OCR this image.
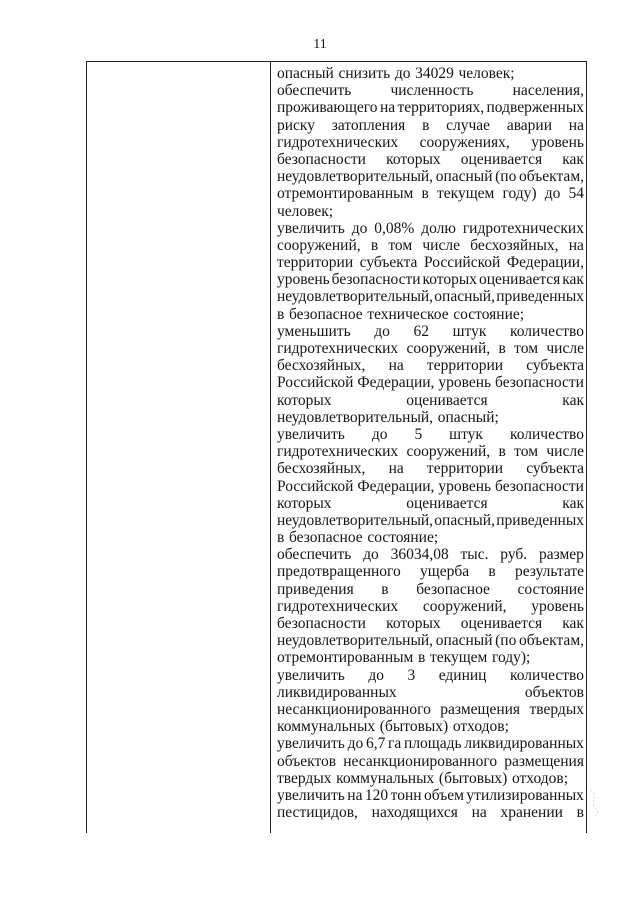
11
опасный снизить до 34029 человек;
обеспечить	численность	населения,
проживающего на территориях, подверженных
риску затопления в случае аварии на
гидротехнических сооружениях, уровень
безопасности которых оценивается как
неудовлетворительный, опасный (по объектам,
отремонтированным в текущем году) до 54
человек;
увеличить до 0,08% долю гидротехнических
сооружений, в том числе бесхозяйных, на
территории субъекта Российской Федерации,
уровень безопасности которых оценивается как
неудовлетворительный, опасный, приведенных
в безопасное техническое состояние;
уменьшить до 62 штук количество
гидротехнических сооружений, в том числе
бесхозяйных, на территории субъекта
Российской Федерации, уровень безопасности
которых	оценивается	как
неудовлетворительный, опасный;
увеличить до 5 штук количество
гидротехнических сооружений, в том числе
бесхозяйных, на территории субъекта
Российской Федерации, уровень безопасности
которых	оценивается	как
неудовлетворительный, опасный, приведенных
в безопасное состояние;
обеспечить до 36034,08 тыс. руб. размер
предотвращенного ущерба в результате
приведения в безопасное состояние
гидротехнических сооружений, уровень
безопасности которых оценивается как
неудовлетворительный, опасный (по объектам,
отремонтированным в текущем году);
увеличить до 3 единиц количество
ликвидированных	объектов
несанкционированного размещения твердых
коммунальных (бытовых) отходов;
увеличить до 6,7 га площадь ликвидированных
объектов несанкционированного размещения
твердых коммунальных (бытовых) отходов;
увеличить на 120 тонн объем утилизированных
пестицидов, находящихся на хранении в
